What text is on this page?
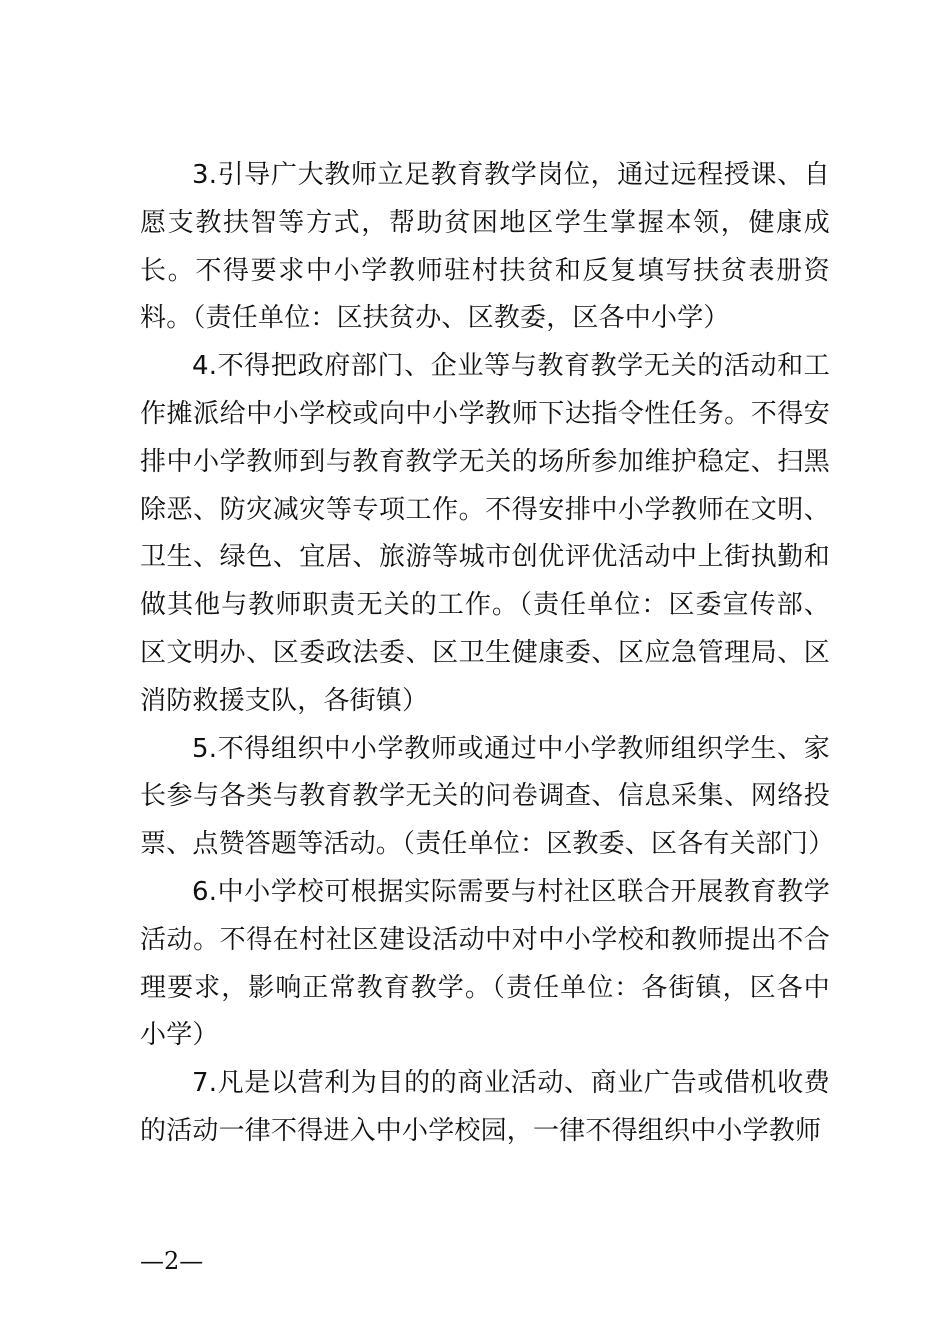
3.引导广大教师立足教育教学岗位，通过远程授课、自愿支教扶智等方式，帮助贫困地区学生掌握本领，健康成长。不得要求中小学教师驻村扶贫和反复填写扶贫表册资料。（责任单位：区扶贫办、区教委，区各中小学）

4.不得把政府部门、企业等与教育教学无关的活动和工作摊派给中小学校或向中小学教师下达指令性任务。不得安排中小学教师到与教育教学无关的场所参加维护稳定、扫黑除恶、防灾减灾等专项工作。不得安排中小学教师在文明、卫生、绿色、宜居、旅游等城市创优评优活动中上街执勤和做其他与教师职责无关的工作。（责任单位：区委宣传部、区文明办、区委政法委、区卫生健康委、区应急管理局、区消防救援支队，各街镇）

5.不得组织中小学教师或通过中小学教师组织学生、家长参与各类与教育教学无关的问卷调查、信息采集、网络投票、点赞答题等活动。（责任单位：区教委、区各有关部门）

6.中小学校可根据实际需要与村社区联合开展教育教学活动。不得在村社区建设活动中对中小学校和教师提出不合理要求，影响正常教育教学。（责任单位：各街镇，区各中小学）

7.凡是以营利为目的的商业活动、商业广告或借机收费的活动一律不得进入中小学校园，一律不得组织中小学教师

—2—
